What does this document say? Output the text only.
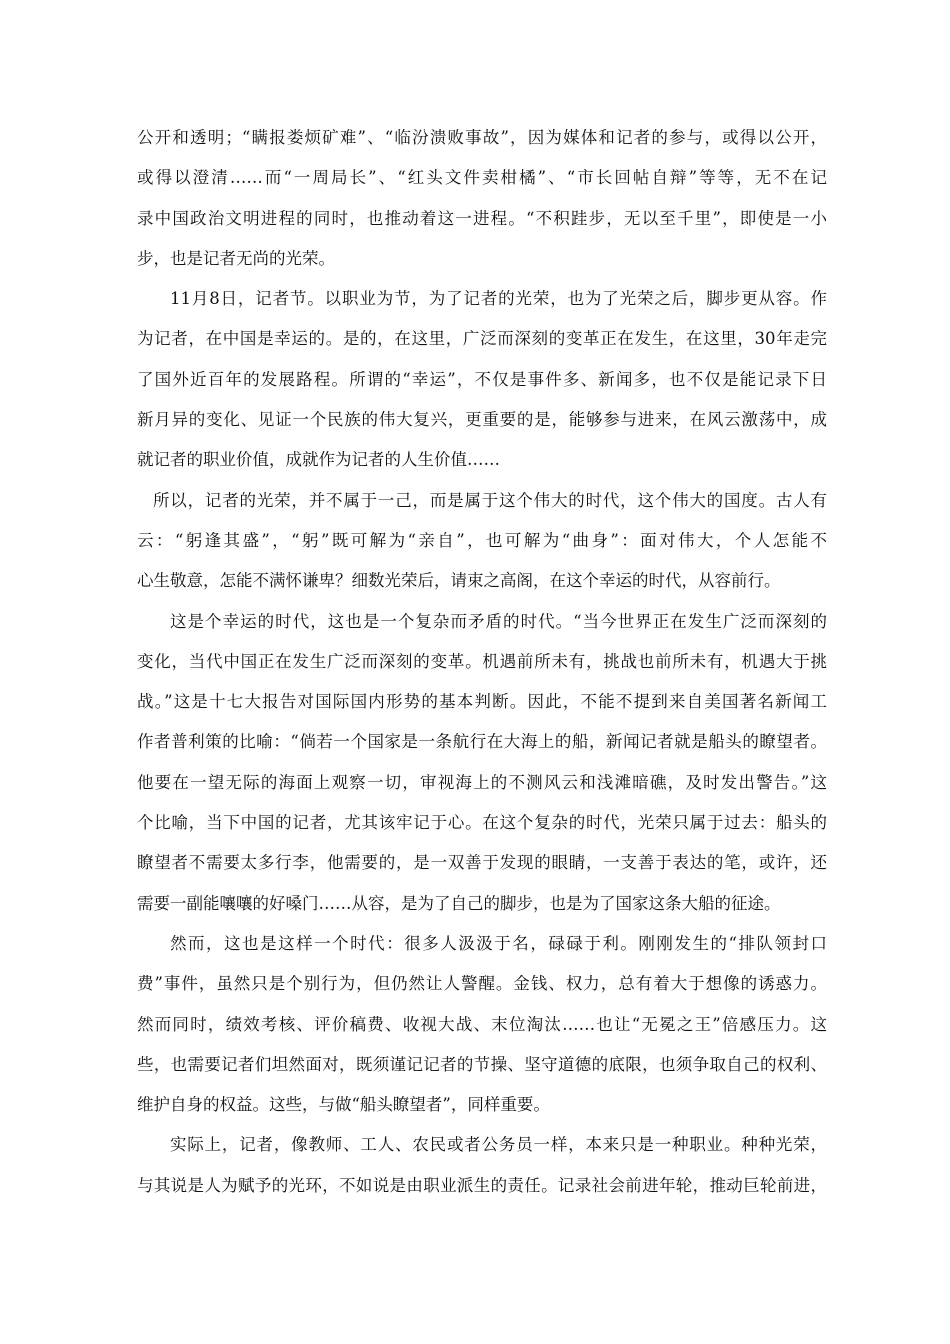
公开和透明；“瞒报娄烦矿难”、“临汾溃败事故”，因为媒体和记者的参与，或得以公开，
或得以澄清……而“一周局长”、“红头文件卖柑橘”、“市长回帖自辩”等等，无不在记
录中国政治文明进程的同时，也推动着这一进程。“不积跬步，无以至千里”，即使是一小
步，也是记者无尚的光荣。
11月8日，记者节。以职业为节，为了记者的光荣，也为了光荣之后，脚步更从容。作
为记者，在中国是幸运的。是的，在这里，广泛而深刻的变革正在发生，在这里，30年走完
了国外近百年的发展路程。所谓的“幸运”，不仅是事件多、新闻多，也不仅是能记录下日
新月异的变化、见证一个民族的伟大复兴，更重要的是，能够参与进来，在风云激荡中，成
就记者的职业价值，成就作为记者的人生价值……
所以，记者的光荣，并不属于一己，而是属于这个伟大的时代，这个伟大的国度。古人有
云：“躬逢其盛”，“躬”既可解为“亲自”，也可解为“曲身”：面对伟大，个人怎能不
心生敬意，怎能不满怀谦卑？细数光荣后，请束之高阁，在这个幸运的时代，从容前行。
这是个幸运的时代，这也是一个复杂而矛盾的时代。“当今世界正在发生广泛而深刻的
变化，当代中国正在发生广泛而深刻的变革。机遇前所未有，挑战也前所未有，机遇大于挑
战。”这是十七大报告对国际国内形势的基本判断。因此，不能不提到来自美国著名新闻工
作者普利策的比喻：“倘若一个国家是一条航行在大海上的船，新闻记者就是船头的瞭望者。
他要在一望无际的海面上观察一切，审视海上的不测风云和浅滩暗礁，及时发出警告。”这
个比喻，当下中国的记者，尤其该牢记于心。在这个复杂的时代，光荣只属于过去：船头的
瞭望者不需要太多行李，他需要的，是一双善于发现的眼睛，一支善于表达的笔，或许，还
需要一副能嚷嚷的好嗓门……从容，是为了自己的脚步，也是为了国家这条大船的征途。
然而，这也是这样一个时代：很多人汲汲于名，碌碌于利。刚刚发生的“排队领封口
费”事件，虽然只是个别行为，但仍然让人警醒。金钱、权力，总有着大于想像的诱惑力。
然而同时，绩效考核、评价稿费、收视大战、末位淘汰……也让“无冕之王”倍感压力。这
些，也需要记者们坦然面对，既须谨记记者的节操、坚守道德的底限，也须争取自己的权利、
维护自身的权益。这些，与做“船头瞭望者”，同样重要。
实际上，记者，像教师、工人、农民或者公务员一样，本来只是一种职业。种种光荣，
与其说是人为赋予的光环，不如说是由职业派生的责任。记录社会前进年轮，推动巨轮前进，
